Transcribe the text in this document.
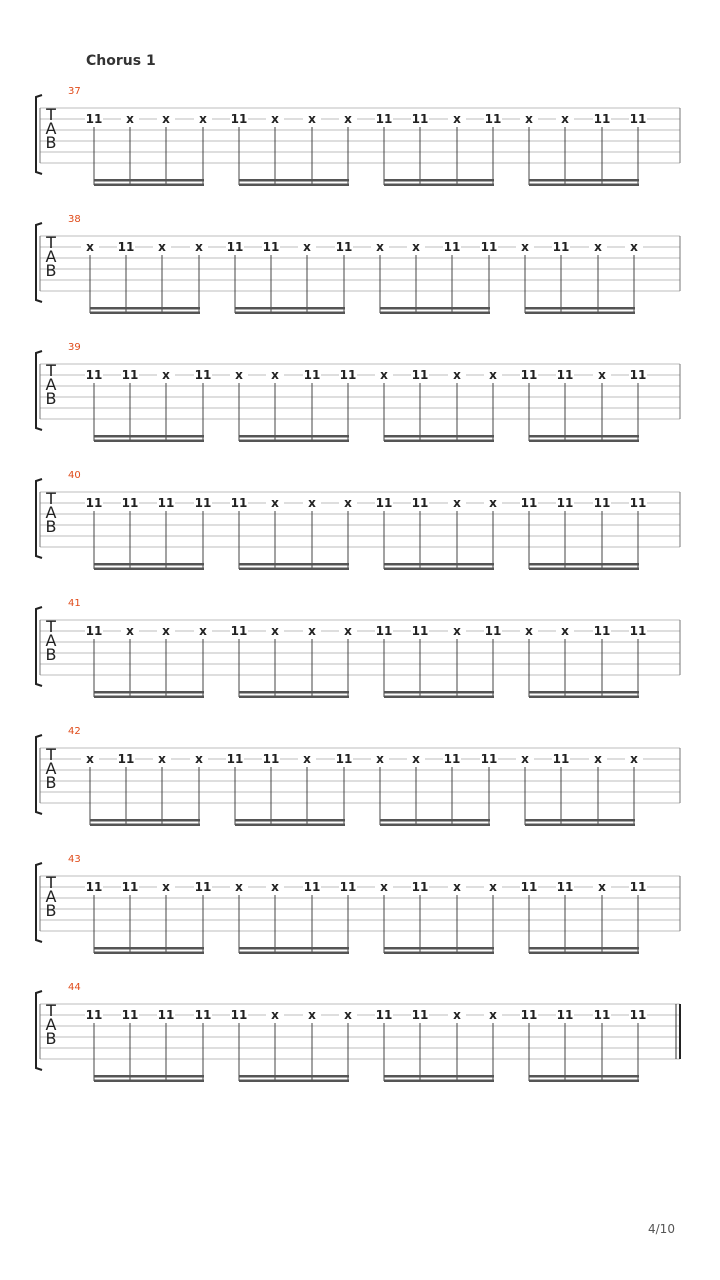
Chorus 1
37
T
A
B
11 x x x 11 x x x 11 11 x 11 x x 11 11
38
T
A
B
x 11 x x 11 11 x 11 x x 11 11 x 11 x x
39
T
A
B
11 11 x 11 x x 11 11 x 11 x x 11 11 x 11
40
T
A
B
11 11 11 11 11 x x x 11 11 x x 11 11 11 11
41
T
A
B
11 x x x 11 x x x 11 11 x 11 x x 11 11
42
T
A
B
x 11 x x 11 11 x 11 x x 11 11 x 11 x x
43
T
A
B
11 11 x 11 x x 11 11 x 11 x x 11 11 x 11
44
T
A
B
11 11 11 11 11 x x x 11 11 x x 11 11 11 11
4/10
